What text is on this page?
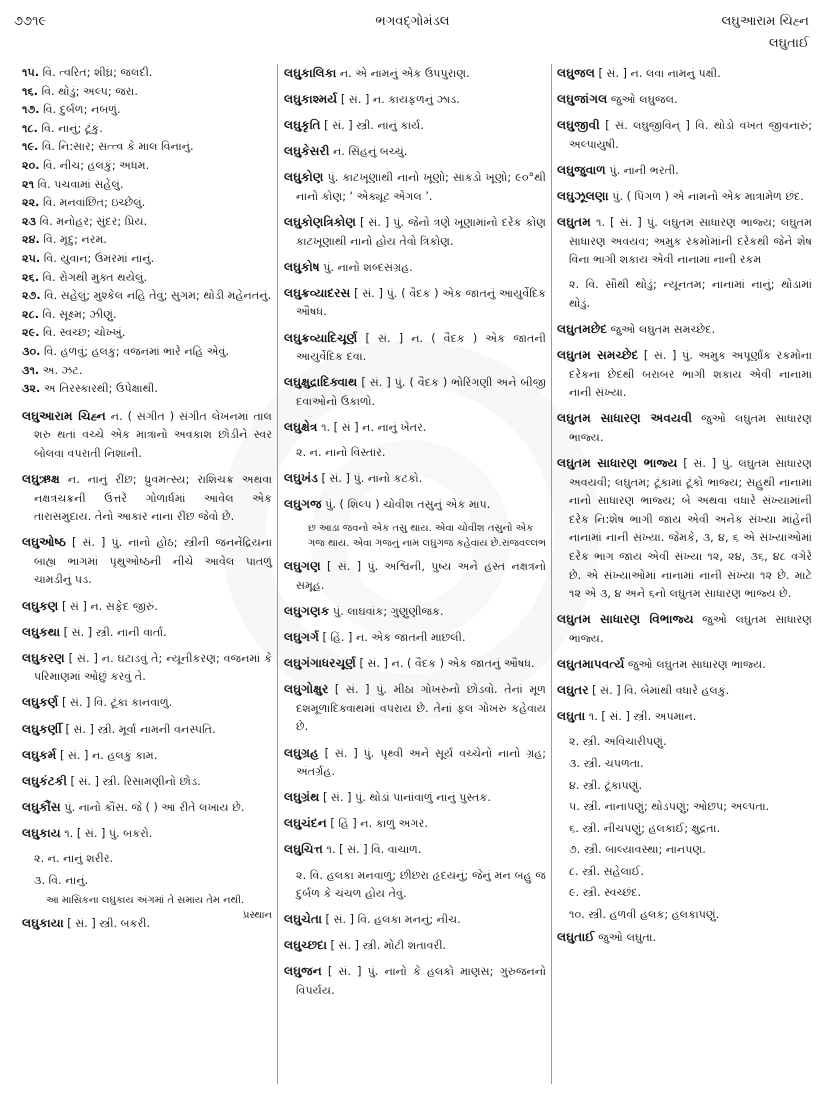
૭૭૧૯	ભગવદ્ગોમંડલ	લઘુઆરામ ચિહ્ન
લઘુતાઈ
૧૫. વિ. ત્વરિત; શીઘ્ર; જલદી.
૧૬. વિ. થોડું; અલ્પ; જરા.
૧૭. વિ. દુર્બળ; નબળું.
૧૮. વિ. નાનું; ટૂંકું.
૧૯. વિ. નિ:સાર; સત્ત્વ કે માલ વિનાનું.
૨૦. વિ. નીચ; હલકું; અધમ.
૨૧ વિ. પચવામાં સહેલું.
૨૨. વિ. મનવાંછિત; ઇચ્છેલું.
૨૩ વિ. મનોહર; સુંદર; પ્રિય.
૨૪. વિ. મૃદુ; નરમ.
૨૫. વિ. યુવાન; ઉંમરમાં નાનું.
૨૬. વિ. રોગથી મુક્ત થયેલું.
૨૭. વિ. સહેલું; મુશ્કેલ નહિ તેવું; સુગમ; થોડી મહેનતનું.
૨૮. વિ. સૂક્ષ્મ; ઝીણું.
૨૯. વિ. સ્વચ્છ; ચોખ્ખું.
૩૦. વિ. હળવું; હલકું; વજનમાં ભારે નહિ એવું.
૩૧. અ. ઝટ.
૩૨. અ તિરસ્કારથી; ઉપેક્ષાથી.
લઘુઆરામ ચિહ્ન ન. ( સંગીત ) સંગીત લેખનમાં તાલ શરુ થતાં વચ્ચે એક માત્રાનો અવકાશ છોડીને સ્વર બોલવા વપરાતી નિશાની.
લઘુઋક્ષ ન. નાનું રીંછ; ધ્રુવમત્સ્ય; રાશિચક્ર અથવા નક્ષત્રચક્રની ઉત્તરે ગોળાર્ધમાં આવેલ એક તારાસમુદાય. તેનો આકાર નાના રીંછ જેવો છે.
લઘુઓષ્ઠ [ સં. ] પું. નાનો હોઠ; સ્ત્રીની જનનેંદ્રિયના બાહ્ય ભાગમાં પૃથુઓષ્ઠની નીચે આવેલ પાતળું ચામડીનું પડ.
લઘુકણ [ સં ] ન. સફેદ જીરું.
લઘુકથા [ સં. ] સ્ત્રી. નાની વાર્તા.
લઘુકરણ [ સં. ] ન. ઘટાડવું તે; ન્યૂનીકરણ; વજનમાં કે પરિમાણમાં ઓછું કરવું તે.
લઘુકર્ણ [ સં. ] વિ. ટૂંકા કાનવાળું.
લઘુકર્ણી [ સં. ] સ્ત્રી. મૂર્વા નામની વનસ્પતિ.
લઘુકર્મ [ સં. ] ન. હલકું કામ.
લઘુકંટકી [ સં. ] સ્ત્રી. રિસામણીનો છોડ.
લઘુકૌંસ પું. નાનો કૌંસ. જે ( ) આ રીતે લખાય છે.
લઘુકાય ૧. [ સં. ] પું. બકરો.
૨. ન. નાનું શરીર.
૩. વિ. નાનું.
આ માસિકના લઘુકાય અંગમાં તે સમાય તેમ નથી.
પ્રસ્થાન
લઘુકાયા [ સં. ] સ્ત્રી. બકરી.
લઘુકાલિકા ન. એ નામનું એક ઉપપુરાણ.
લઘુકાશ્મર્ય [ સં. ] ન. કાયફળનું ઝાડ.
લઘુકૃતિ [ સં. ] સ્ત્રી. નાનું કાર્ય.
લઘુકેસરી ન. સિંહનું બચ્ચું.
લઘુકોણ પું. કાટખૂણાથી નાનો ખૂણો; સાંકડો ખૂણો; ૯૦°થી નાનો કોણ; ‘ એક્યૂટ એંગલ ’.
લઘુકોણત્રિકોણ [ સં. ] પું. જેનો ત્રણે ખૂણામાંનો દરેક કોણ કાટખૂણાથી નાનો હોય તેવો ત્રિકોણ.
લઘુકોષ પું. નાનો શબ્દસંગ્રહ.
લઘુક્રવ્યાદરસ [ સં. ] પું. ( વૈદક ) એક જાતનું આયુર્વેદિક ઔષધ.
લઘુક્રવ્યાદિચૂર્ણ [ સં. ] ન. ( વૈદક ) એક જાતની આયુર્વેદિક દવા.
લઘુક્ષુદ્રાદિક્વાથ [ સં. ] પું. ( વૈદક ) ભોરિંગણી અને બીજી દવાઓનો ઉકાળો.
લઘુક્ષેત્ર ૧. [ સં ] ન. નાનું ખેતર.
૨. ન. નાનો વિસ્તાર.
લઘુખંડ [ સં. ] પું. નાનો કટકો.
લઘુગજ પું. ( શિલ્પ ) ચોવીશ તસુનું એક માપ.
છ આડા જવનો એક તસુ થાય. એવા ચોવીશ તસુનો એક ગજ થાય. એવા ગજનું નામ લઘુગજ કહેવાય છે. રાજવલ્લભ
લઘુગણ [ સં. ] પું. અશ્વિની, પુષ્ય અને હસ્ત નક્ષત્રનો સમૂહ.
લઘુગણક પું. લાઘવાંક; ગુણુણીજક.
લઘુગર્ગ [ હિં. ] ન. એક જાતની માછલી.
લઘુગંગાધરચૂર્ણ [ સં. ] ન. ( વૈદક ) એક જાતનું ઔષધ.
લઘુગોક્ષુર [ સં. ] પું. મીઠા ગોખરુનો છોડવો. તેનાં મૂળ દશમૂળાદિક્વાથમાં વપરાય છે. તેનાં ફલ ગોખરુ કહેવાય છે.
લઘુગ્રહ [ સં. ] પું. પૃથ્વી અને સૂર્ય વચ્ચેનો નાનો ગ્રહ; અંતર્ગ્રહ.
લઘુગ્રંથ [ સં. ] પું. થોડાં પાનાંવાળું નાનું પુસ્તક.
લઘુચંદન [ હિં ] ન. કાળું અગર.
લઘુચિત્ત ૧. [ સં. ] વિ. વાચાળ.
૨. વિ. હલકા મનવાળું; છીછરા હૃદયનું; જેનું મન બહુ જ દુર્બળ કે ચંચળ હોય તેવું.
લઘુચેતા [ સં. ] વિ. હલકા મનનું; નીચ.
લઘુચ્છદા [ સં. ] સ્ત્રી. મોટી શતાવરી.
લઘુજન [ સં. ] પું. નાનો કે હલકો માણસ; ગુરુજનનો વિપર્યય.
લઘુજલ [ સં. ] ન. લવા નામનું પક્ષી.
લઘુજાંગલ જુઓ લઘુજલ.
લઘુજીવી [ સં. લઘુજીવિન્ ] વિ. થોડો વખત જીવનારું; અલ્પાયુષી.
લઘુજુવાળ પું. નાની ભરતી.
લઘુઝૂલણા પું. ( પિંગળ ) એ નામનો એક માત્રામેળ છંદ.
લઘુતમ ૧. [ સં. ] પું. લઘુતમ સાધારણ ભાજ્ય; લઘુતમ સાધારણ અવયવ; અમુક રકમોમાંની દરેકથી જેને શેષ વિના ભાગી શકાય એવી નાનામાં નાની રકમ
૨. વિ. સૌથી થોડું; ન્યૂનતમ; નાનામાં નાનું; થોડામાં થોડું.
લઘુતમછેદ જુઓ લઘુતમ સમચ્છેદ.
લઘુતમ સમચ્છેદ [ સં. ] પું. અમુક અપૂર્ણાંક રકમોના દરેકના છેદથી બરાબર ભાગી શકાય એવી નાનામાં નાની સંખ્યા.
લઘુતમ સાધારણ અવયવી જુઓ લઘુતમ સાધારણ ભાજ્ય.
લઘુતમ સાધારણ ભાજ્ય [ સં. ] પું. લઘુતમ સાધારણ અવયવી; લઘુતમ; ટૂંકામાં ટૂંકો ભાજ્ય; સહુથી નાનામાં નાનો સાધારણ ભાજ્ય; બે અથવા વધારે સંખ્યામાંની દરેક નિ:શેષ ભાગી જાય એવી અનેક સંખ્યા માંહેની નાનામાં નાની સંખ્યા. જેમકે, ૩, ૪, ૬ એ સંખ્યાઓમાં દરેક ભાગ જાય એવી સંખ્યા ૧૨, ૨૪, ૩૬, ૪૮ વગેરે છે. એ સંખ્યાઓમાં નાનામાં નાની સંખ્યા ૧૨ છે. માટે ૧૨ એ ૩, ૪ અને ૬નો લઘુતમ સાધારણ ભાજ્ય છે.
લઘુતમ સાધારણ વિભાજ્ય જુઓ લઘુતમ સાધારણ ભાજ્ય.
લઘુતમાપવર્ત્ય જુઓ લઘુતમ સાધારણ ભાજ્ય.
લઘુતર [ સં. ] વિ. બેમાંથી વધારે હલકું.
લઘુતા ૧. [ સં. ] સ્ત્રી. અપમાન.
૨. સ્ત્રી. અવિચારીપણું.
૩. સ્ત્રી. ચપળતા.
૪. સ્ત્રી. ટૂંકાપણું.
૫. સ્ત્રી. નાનાપણું; થોડપણું; ઓછપ; અલ્પતા.
૬. સ્ત્રી. નીચપણું; હલકાઈ; ક્ષુદ્રતા.
૭. સ્ત્રી. બાલ્યાવસ્થા; નાનપણ.
૮. સ્ત્રી. સહેલાઈ.
૯. સ્ત્રી. સ્વચ્છંદ.
૧૦. સ્ત્રી. હળવી હલક; હલકાપણું.
લઘુતાઈ જુઓ લઘુતા.
